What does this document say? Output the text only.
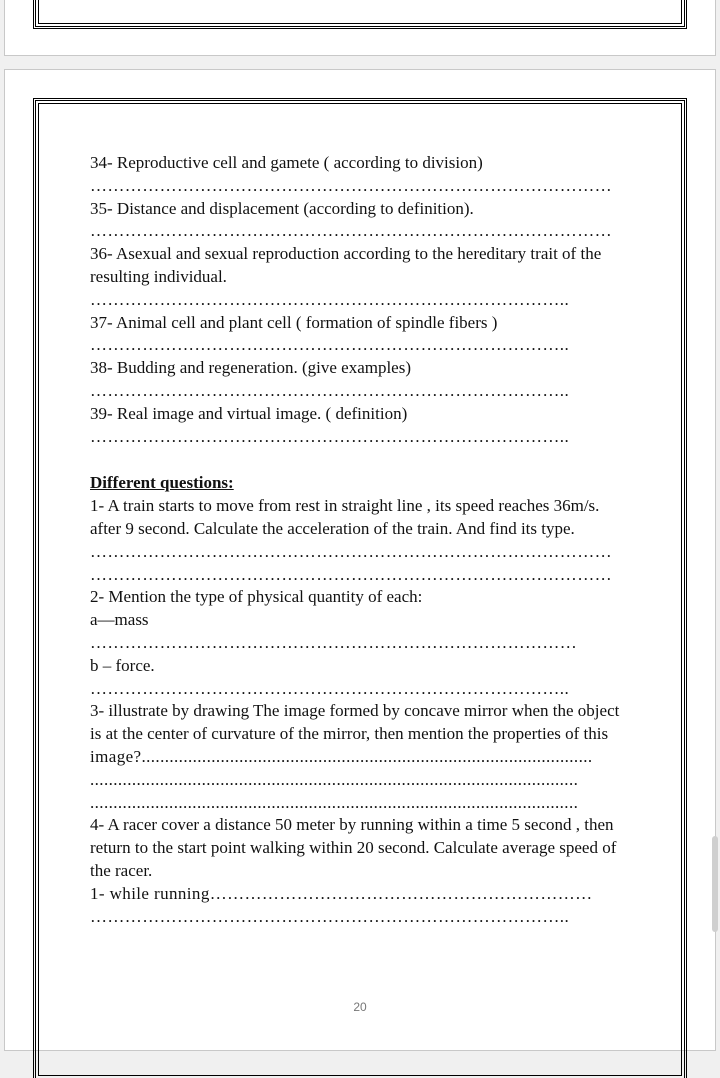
34- Reproductive cell and gamete ( according to division)
………………………………………………………………………………
35- Distance and displacement (according to definition).
………………………………………………………………………………
36- Asexual and sexual reproduction according to the hereditary trait of the resulting individual.
………………………………………………………………………..
37- Animal cell and plant cell ( formation of spindle fibers )
………………………………………………………………………..
38- Budding and regeneration. (give examples)
………………………………………………………………………..
39- Real image and virtual image. ( definition)
………………………………………………………………………..
Different questions:
1- A train starts to move from rest in straight line , its speed reaches 36m/s. after 9 second. Calculate the acceleration of the train. And find its type.
………………………………………………………………………………
………………………………………………………………………………
2- Mention the type of physical quantity of each:
a—mass
…………………………………………………………………………
b – force.
………………………………………………………………………..
3- illustrate by drawing The image formed by concave mirror when the object is at the center of curvature of the mirror, then mention the properties of this
image?.................................................................................................
.........................................................................................................
.........................................................................................................
4- A racer cover a distance 50 meter by running within a time 5 second , then return to the start point walking within 20 second. Calculate average speed of the racer.
1- while running…………………………………………………………
………………………………………………………………………..
20
